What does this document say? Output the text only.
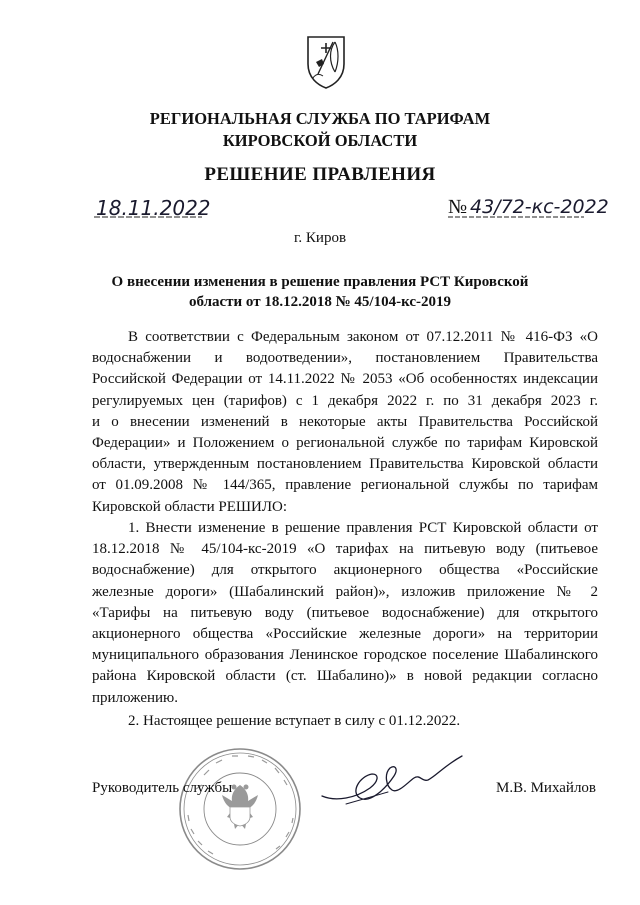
РЕГИОНАЛЬНАЯ СЛУЖБА ПО ТАРИФАМ
КИРОВСКОЙ ОБЛАСТИ
РЕШЕНИЕ ПРАВЛЕНИЯ
18.11.2022	№ 43/72-кс-2022
г. Киров
О внесении изменения в решение правления РСТ Кировской
области от 18.12.2018 № 45/104-кс-2019
В соответствии с Федеральным законом от 07.12.2011 № 416-ФЗ «О
водоснабжении и водоотведении», постановлением Правительства
Российской Федерации от 14.11.2022 № 2053 «Об особенностях индексации
регулируемых цен (тарифов) с 1 декабря 2022 г. по 31 декабря 2023 г.
и о внесении изменений в некоторые акты Правительства Российской
Федерации» и Положением о региональной службе по тарифам Кировской
области, утвержденным постановлением Правительства Кировской области
от 01.09.2008 № 144/365, правление региональной службы по тарифам
Кировской области РЕШИЛО:
1. Внести изменение в решение правления РСТ Кировской области от
18.12.2018 № 45/104-кс-2019 «О тарифах на питьевую воду (питьевое
водоснабжение) для открытого акционерного общества «Российские
железные дороги» (Шабалинский район)», изложив приложение № 2
«Тарифы на питьевую воду (питьевое водоснабжение) для открытого
акционерного общества «Российские железные дороги» на территории
муниципального образования Ленинское городское поселение Шабалинского
района Кировской области (ст. Шабалино)» в новой редакции согласно
приложению.
2. Настоящее решение вступает в силу с 01.12.2022.
Руководитель службы	М.В. Михайлов
